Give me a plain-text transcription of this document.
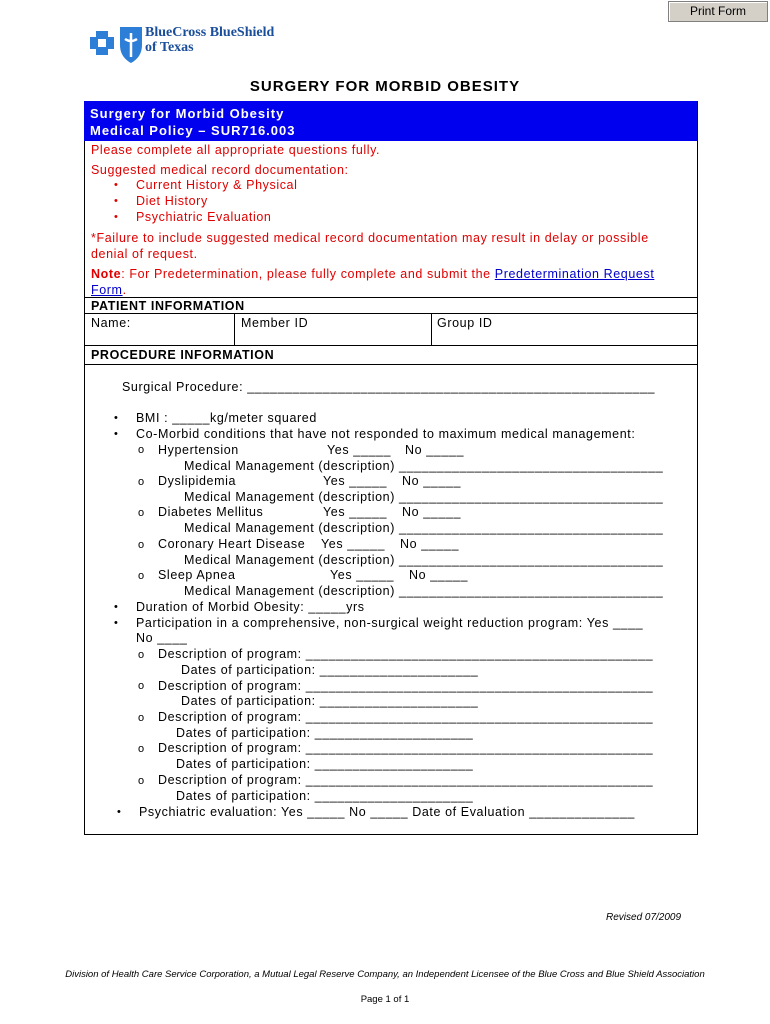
Print Form
BlueCross BlueShield
of Texas
SURGERY FOR MORBID OBESITY
Surgery for Morbid Obesity
Medical Policy – SUR716.003
Please complete all appropriate questions fully.
Suggested medical record documentation:
• Current History & Physical
• Diet History
• Psychiatric Evaluation
*Failure to include suggested medical record documentation may result in delay or possible
denial of request.
Note: For Predetermination, please fully complete and submit the Predetermination Request
Form.
PATIENT INFORMATION
Name:	Member ID	Group ID
PROCEDURE INFORMATION
Surgical Procedure: ______________________________________________________
• BMI : _____kg/meter squared
• Co-Morbid conditions that have not responded to maximum medical management:
o Hypertension	Yes _____ No _____
Medical Management (description) ___________________________________
o Dyslipidemia	Yes _____ No _____
Medical Management (description) ___________________________________
o Diabetes Mellitus	Yes _____ No _____
Medical Management (description) ___________________________________
o Coronary Heart Disease Yes _____ No _____
Medical Management (description) ___________________________________
o Sleep Apnea	Yes _____ No _____
Medical Management (description) ___________________________________
• Duration of Morbid Obesity: _____yrs
• Participation in a comprehensive, non-surgical weight reduction program: Yes ____
No ____
o Description of program: ______________________________________________
Dates of participation: _____________________
o Description of program: ______________________________________________
Dates of participation: _____________________
o Description of program: ______________________________________________
Dates of participation: _____________________
o Description of program: ______________________________________________
Dates of participation: _____________________
o Description of program: ______________________________________________
Dates of participation: _____________________
• Psychiatric evaluation: Yes _____ No _____ Date of Evaluation ______________
Revised 07/2009
Division of Health Care Service Corporation, a Mutual Legal Reserve Company, an Independent Licensee of the Blue Cross and Blue Shield Association
Page 1 of 1
